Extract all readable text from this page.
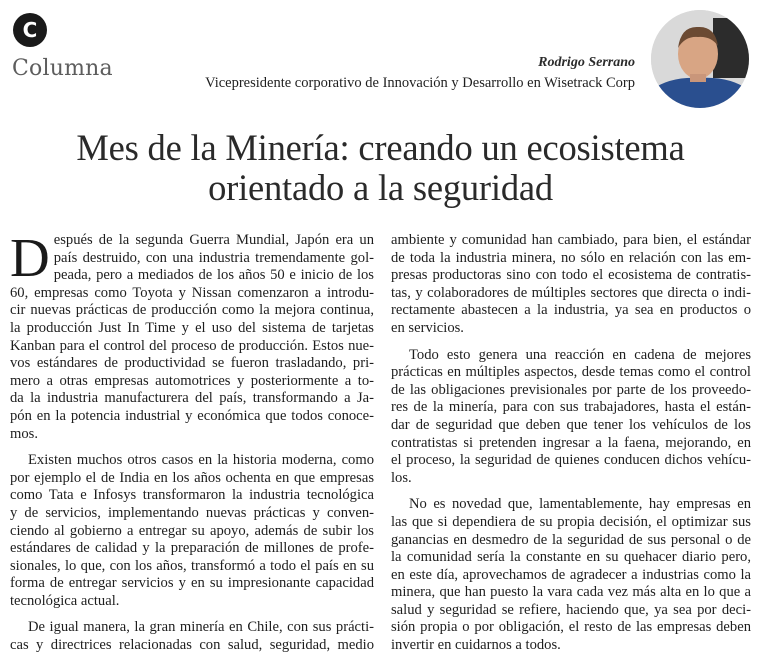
C
Columna	Rodrigo Serrano
Vicepresidente corporativo de Innovación y Desarrollo en Wisetrack Corp
Mes de la Minería: creando un ecosistema
orientado a la seguridad

D espués de la segunda Guerra Mundial, Japón era un
país destruido, con una industria tremendamente gol-
peada, pero a mediados de los años 50 e inicio de los
60, empresas como Toyota y Nissan comenzaron a introdu-
cir nuevas prácticas de producción como la mejora continua,
la producción Just In Time y el uso del sistema de tarjetas
Kanban para el control del proceso de producción. Estos nue-
vos estándares de productividad se fueron trasladando, pri-
mero a otras empresas automotrices y posteriormente a to-
da la industria manufacturera del país, transformando a Ja-
pón en la potencia industrial y económica que todos conoce-
mos.

Existen muchos otros casos en la historia moderna, como
por ejemplo el de India en los años ochenta en que empresas
como Tata e Infosys transformaron la industria tecnológica
y de servicios, implementando nuevas prácticas y conven-
ciendo al gobierno a entregar su apoyo, además de subir los
estándares de calidad y la preparación de millones de profe-
sionales, lo que, con los años, transformó a todo el país en su
forma de entregar servicios y en su impresionante capacidad
tecnológica actual.

De igual manera, la gran minería en Chile, con sus prácti-
cas y directrices relacionadas con salud, seguridad, medio

ambiente y comunidad han cambiado, para bien, el estándar
de toda la industria minera, no sólo en relación con las em-
presas productoras sino con todo el ecosistema de contratis-
tas, y colaboradores de múltiples sectores que directa o indi-
rectamente abastecen a la industria, ya sea en productos o
en servicios.

Todo esto genera una reacción en cadena de mejores
prácticas en múltiples aspectos, desde temas como el control
de las obligaciones previsionales por parte de los proveedo-
res de la minería, para con sus trabajadores, hasta el están-
dar de seguridad que deben que tener los vehículos de los
contratistas si pretenden ingresar a la faena, mejorando, en
el proceso, la seguridad de quienes conducen dichos vehícu-
los.

No es novedad que, lamentablemente, hay empresas en
las que si dependiera de su propia decisión, el optimizar sus
ganancias en desmedro de la seguridad de sus personal o de
la comunidad sería la constante en su quehacer diario pero,
en este día, aprovechamos de agradecer a industrias como la
minera, que han puesto la vara cada vez más alta en lo que a
salud y seguridad se refiere, haciendo que, ya sea por deci-
sión propia o por obligación, el resto de las empresas deben
invertir en cuidarnos a todos.
